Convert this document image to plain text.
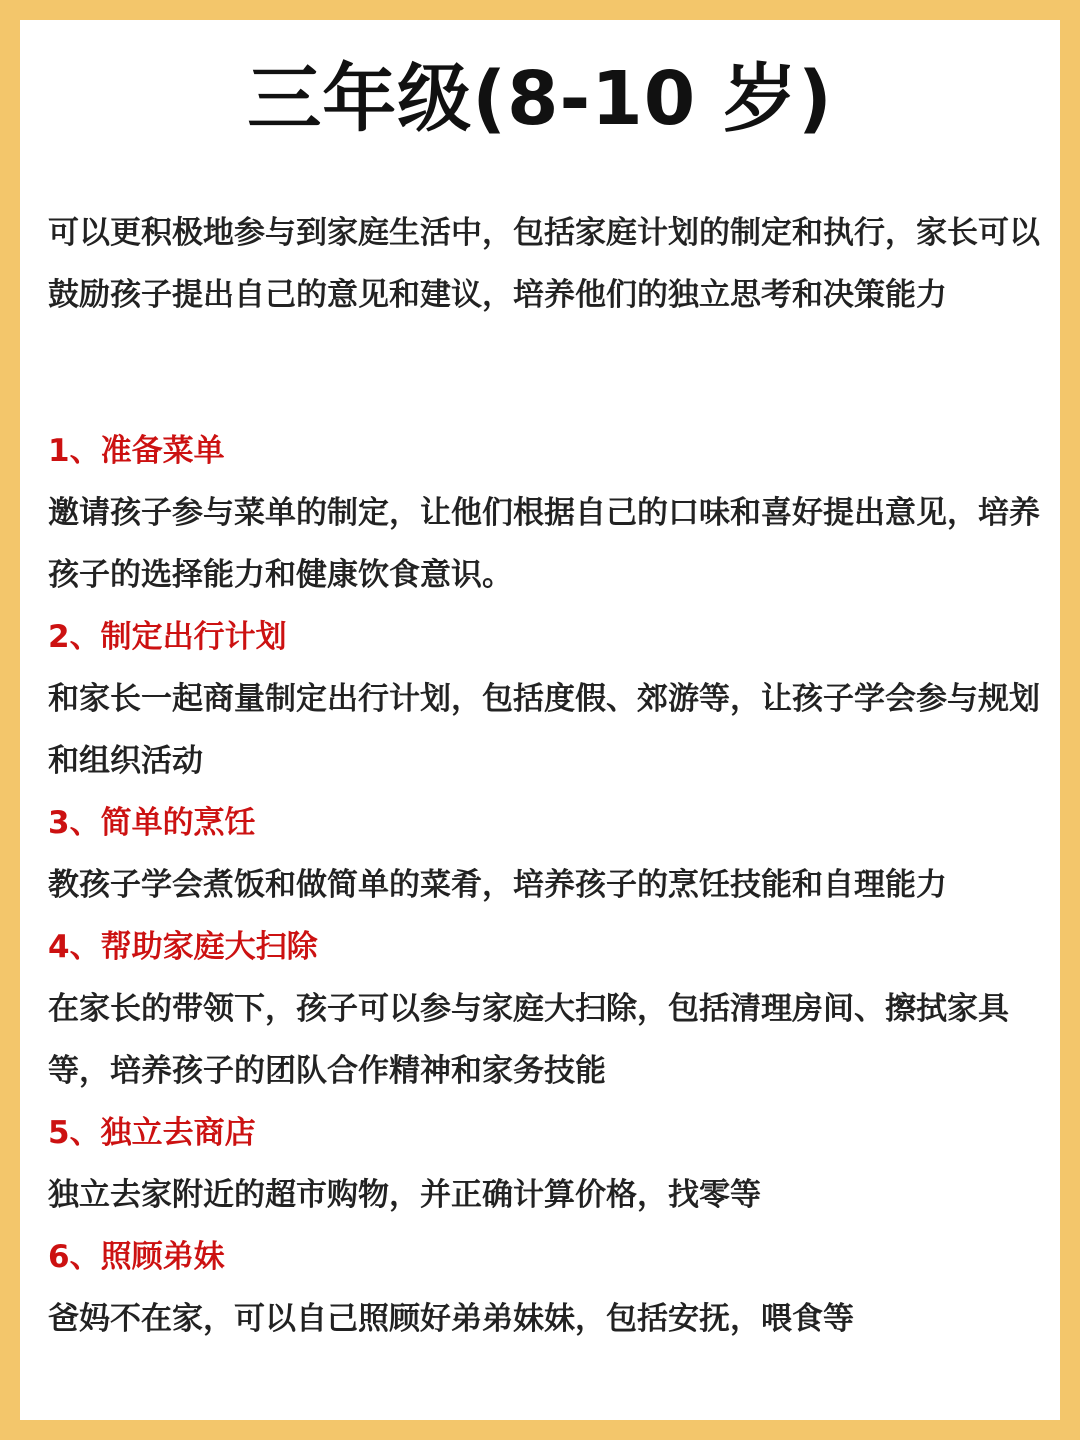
三年级(8-10 岁)
可以更积极地参与到家庭生活中，包括家庭计划的制定和执行，家长可以鼓励孩子提出自己的意见和建议，培养他们的独立思考和决策能力

1、准备菜单

邀请孩子参与菜单的制定，让他们根据自己的口味和喜好提出意见，培养孩子的选择能力和健康饮食意识。

2、制定出行计划

和家长一起商量制定出行计划，包括度假、郊游等，让孩子学会参与规划和组织活动

3、简单的烹饪

教孩子学会煮饭和做简单的菜肴，培养孩子的烹饪技能和自理能力

4、帮助家庭大扫除

在家长的带领下，孩子可以参与家庭大扫除，包括清理房间、擦拭家具等，培养孩子的团队合作精神和家务技能

5、独立去商店

独立去家附近的超市购物，并正确计算价格，找零等

6、照顾弟妹

爸妈不在家，可以自己照顾好弟弟妹妹，包括安抚，喂食等
